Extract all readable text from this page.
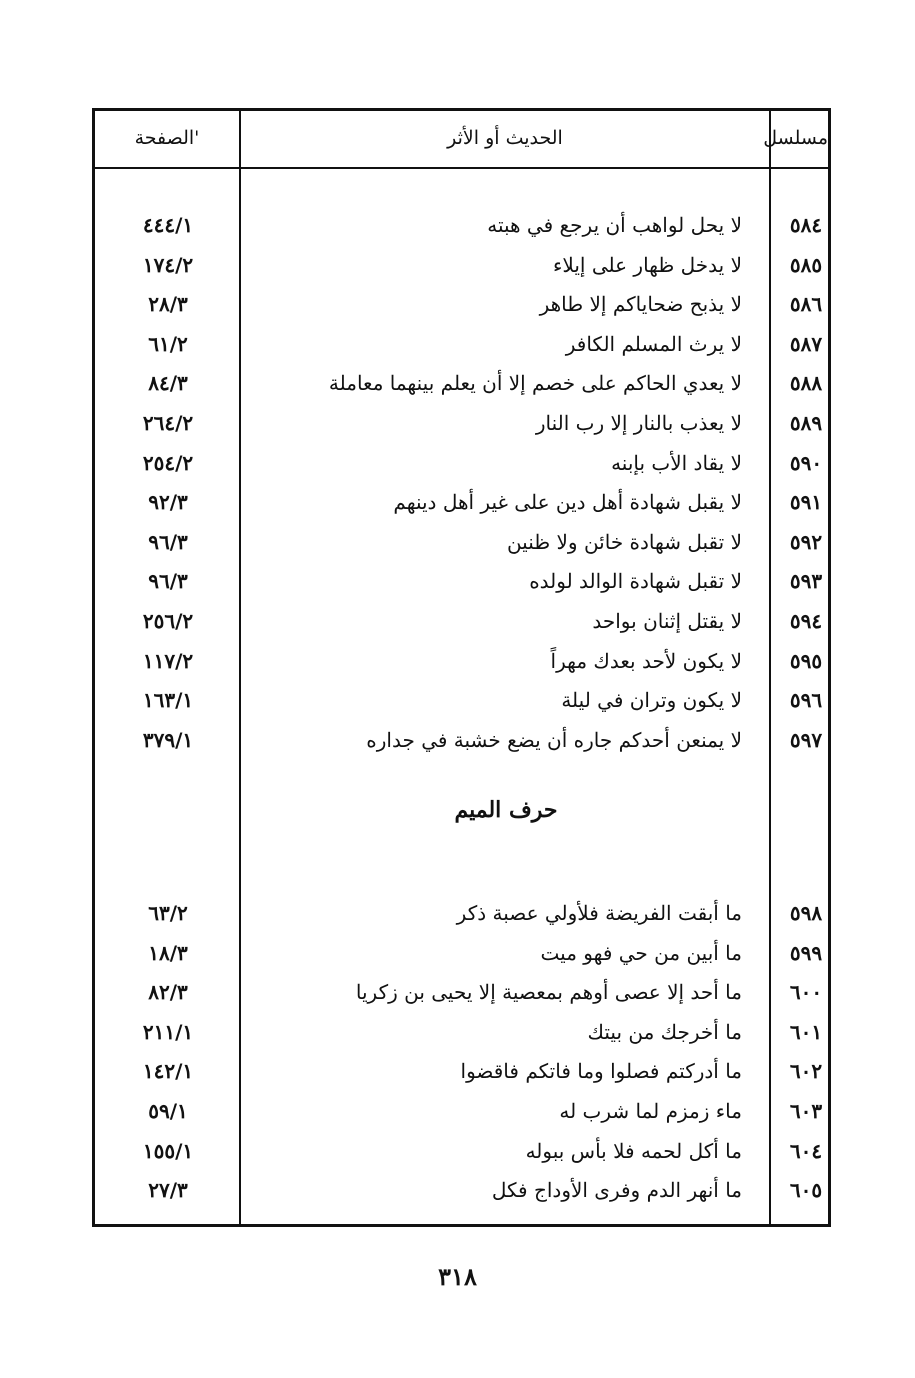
مسلسل
الحديث أو الأثر
'الصفحة
٥٨٤
لا يحل لواهب أن يرجع في هبته
٤٤٤/١
٥٨٥
لا يدخل ظهار على إيلاء
١٧٤/٢
٥٨٦
لا يذبح ضحاياكم إلا طاهر
٢٨/٣
٥٨٧
لا يرث المسلم الكافر
٦١/٢
٥٨٨
لا يعدي الحاكم على خصم إلا أن يعلم بينهما معاملة
٨٤/٣
٥٨٩
لا يعذب بالنار إلا رب النار
٢٦٤/٢
٥٩٠
لا يقاد الأب بإبنه
٢٥٤/٢
٥٩١
لا يقبل شهادة أهل دين على غير أهل دينهم
٩٢/٣
٥٩٢
لا تقبل شهادة خائن ولا ظنين
٩٦/٣
٥٩٣
لا تقبل شهادة الوالد لولده
٩٦/٣
٥٩٤
لا يقتل إثنان بواحد
٢٥٦/٢
٥٩٥
لا يكون لأحد بعدك مهراً
١١٧/٢
٥٩٦
لا يكون وتران في ليلة
١٦٣/١
٥٩٧
لا يمنعن أحدكم جاره أن يضع خشبة في جداره
٣٧٩/١
حرف الميم
٥٩٨
ما أبقت الفريضة فلأولي عصبة ذكر
٦٣/٢
٥٩٩
ما أبين من حي فهو ميت
١٨/٣
٦٠٠
ما أحد إلا عصى أوهم بمعصية إلا يحيى بن زكريا
٨٢/٣
٦٠١
ما أخرجك من بيتك
٢١١/١
٦٠٢
ما أدركتم فصلوا وما فاتكم فاقضوا
١٤٢/١
٦٠٣
ماء زمزم لما شرب له
٥٩/١
٦٠٤
ما أكل لحمه فلا بأس ببوله
١٥٥/١
٦٠٥
ما أنهر الدم وفرى الأوداج فكل
٢٧/٣
٣١٨
